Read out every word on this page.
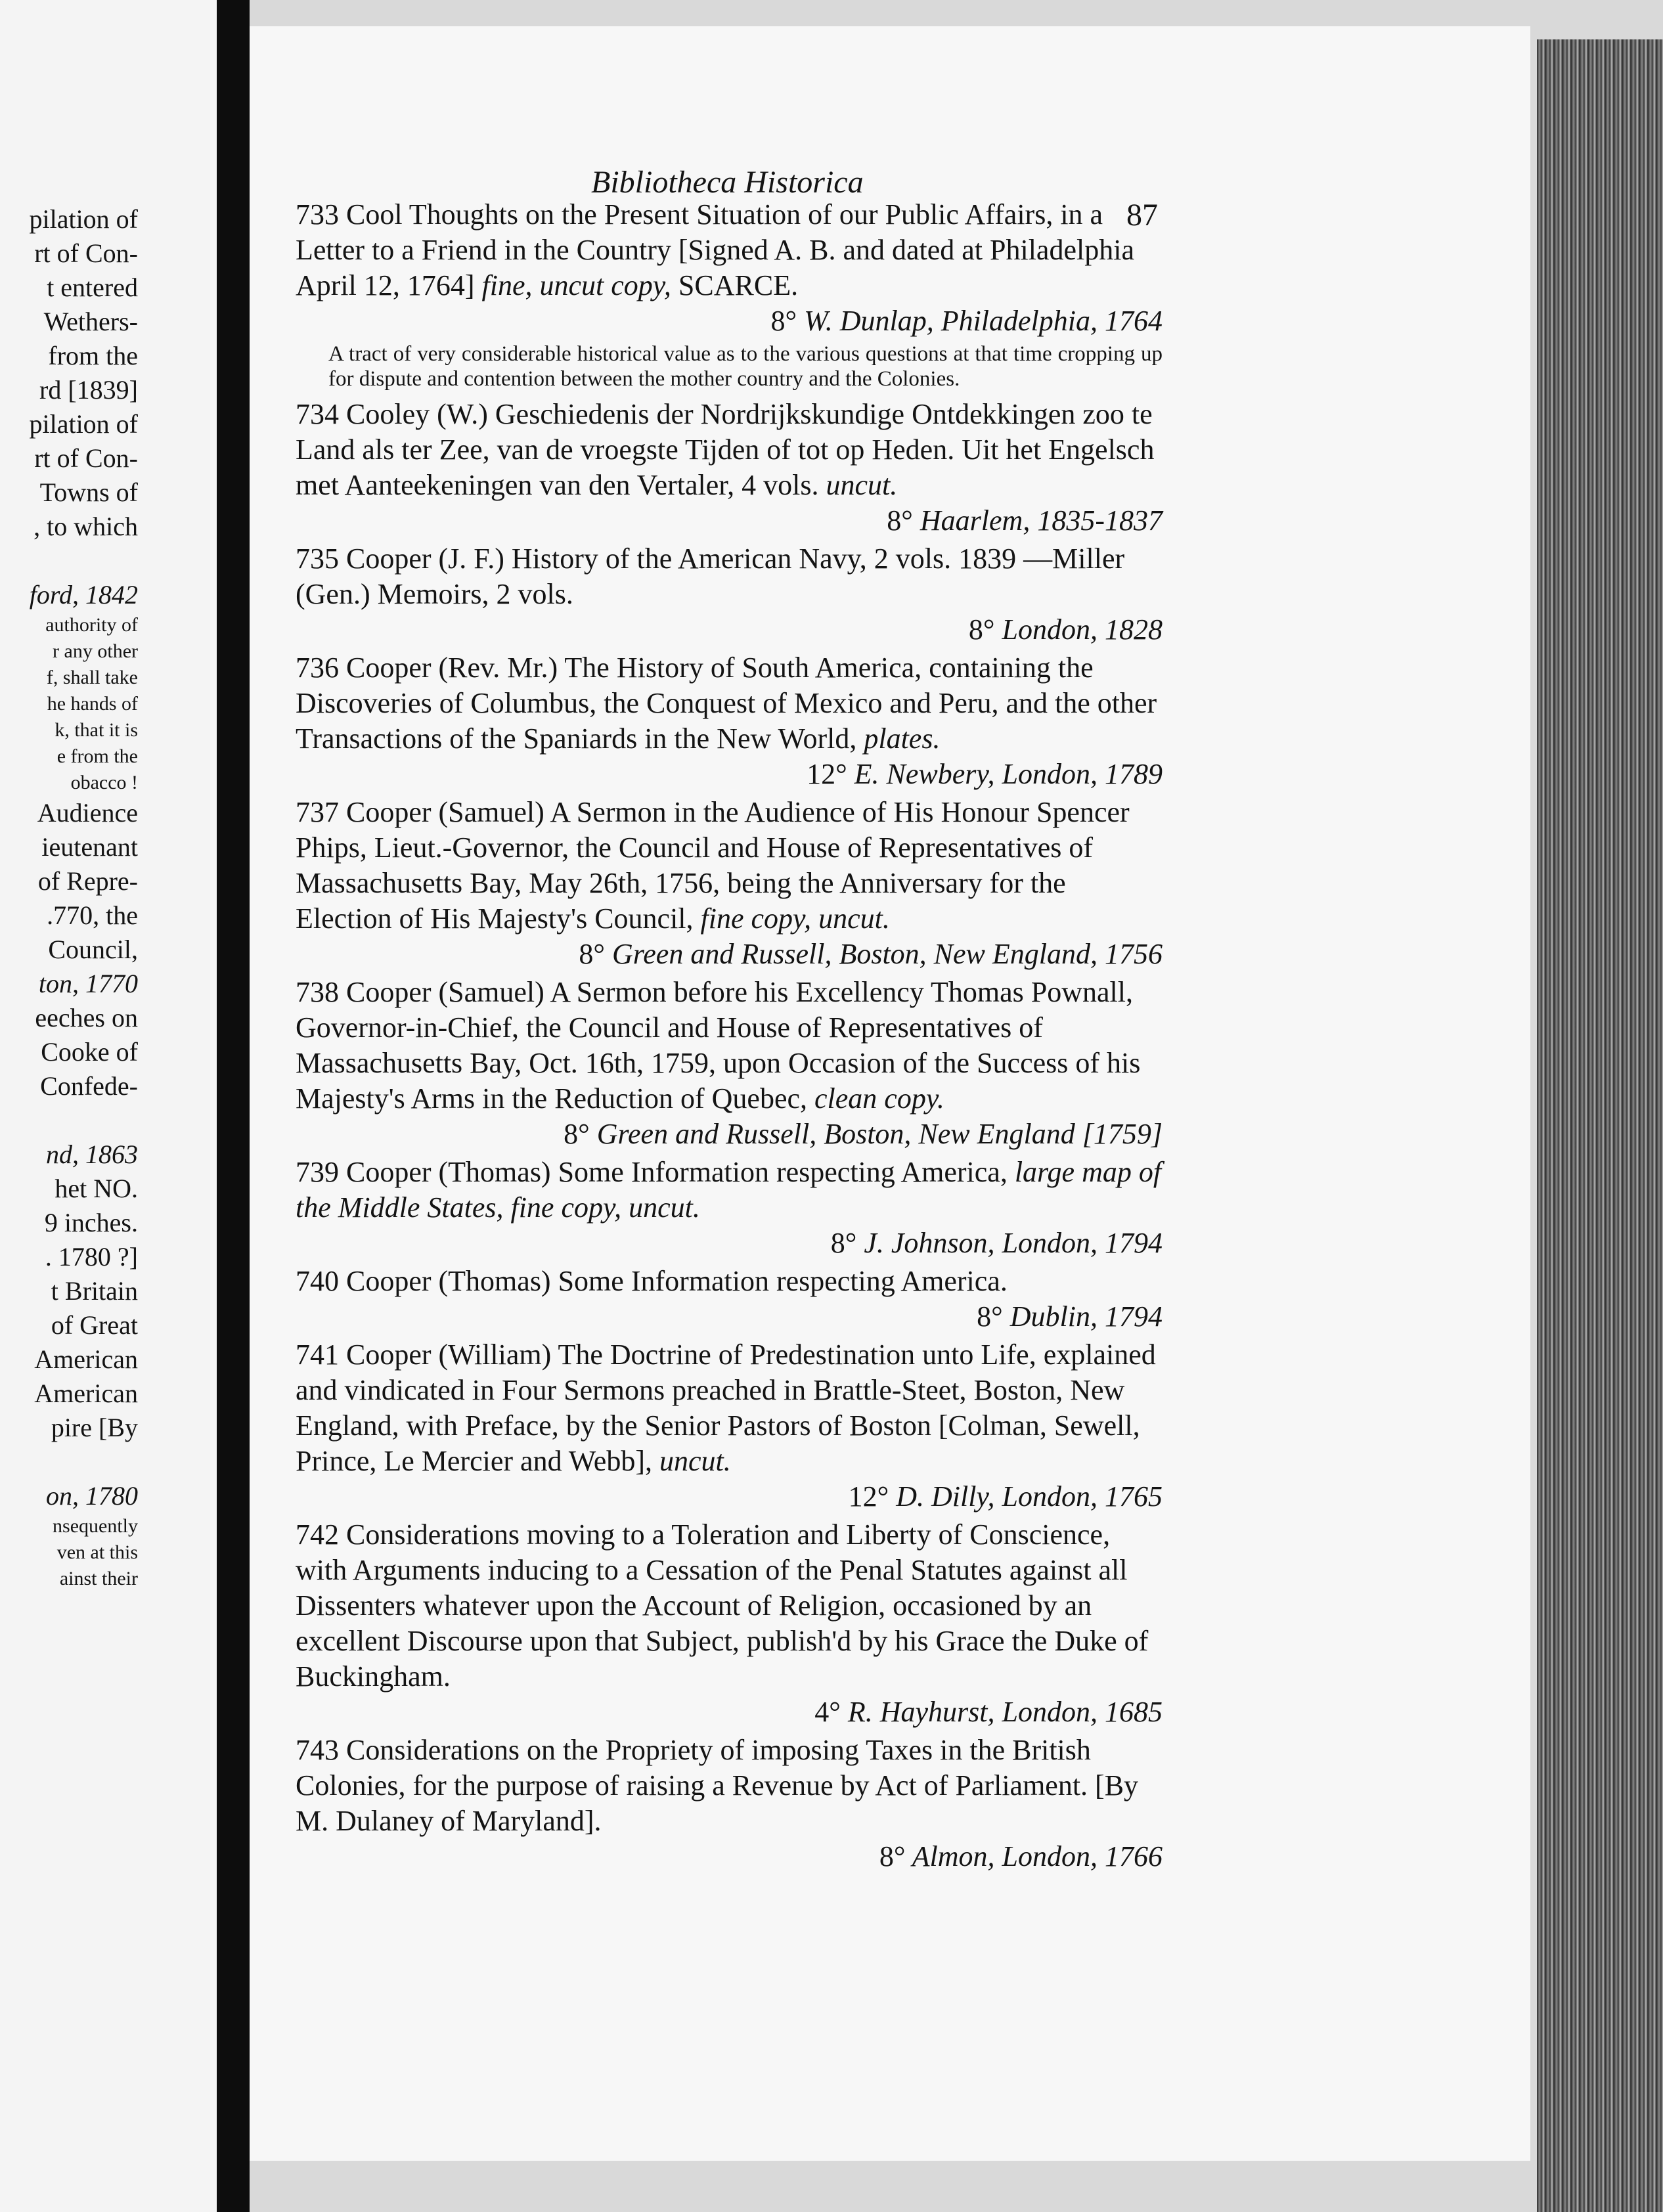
pilation of
rt of Con-
t entered
Wethers-
from the
rd [1839]
pilation of
rt of Con-
Towns of
, to which

ford, 1842
authority of
r any other
f, shall take
he hands of
k, that it is
e from the
obacco !
Audience
ieutenant
of Repre-
.770, the
Council,
ton, 1770
eeches on
Cooke of
Confede-

nd, 1863
het NO.
9 inches.
. 1780 ?]
t Britain
of Great
American
American
pire [By

on, 1780
nsequently
ven at this
ainst their
Bibliotheca Historica
87
733 Cool Thoughts on the Present Situation of our Public Affairs, in a Letter to a Friend in the Country [Signed A. B. and dated at Philadelphia April 12, 1764] fine, uncut copy, SCARCE.
8° W. Dunlap, Philadelphia, 1764
A tract of very considerable historical value as to the various questions at that time cropping up for dispute and contention between the mother country and the Colonies.
734 Cooley (W.) Geschiedenis der Nordrijkskundige Ontdekkingen zoo te Land als ter Zee, van de vroegste Tijden of tot op Heden. Uit het Engelsch met Aanteekeningen van den Vertaler, 4 vols. uncut.
8° Haarlem, 1835-1837
735 Cooper (J. F.) History of the American Navy, 2 vols. 1839 —Miller (Gen.) Memoirs, 2 vols.
8° London, 1828
736 Cooper (Rev. Mr.) The History of South America, containing the Discoveries of Columbus, the Conquest of Mexico and Peru, and the other Transactions of the Spaniards in the New World, plates.
12° E. Newbery, London, 1789
737 Cooper (Samuel) A Sermon in the Audience of His Honour Spencer Phips, Lieut.-Governor, the Council and House of Representatives of Massachusetts Bay, May 26th, 1756, being the Anniversary for the Election of His Majesty's Council, fine copy, uncut.
8° Green and Russell, Boston, New England, 1756
738 Cooper (Samuel) A Sermon before his Excellency Thomas Pownall, Governor-in-Chief, the Council and House of Representatives of Massachusetts Bay, Oct. 16th, 1759, upon Occasion of the Success of his Majesty's Arms in the Reduction of Quebec, clean copy.
8° Green and Russell, Boston, New England [1759]
739 Cooper (Thomas) Some Information respecting America, large map of the Middle States, fine copy, uncut.
8° J. Johnson, London, 1794
740 Cooper (Thomas) Some Information respecting America.
8° Dublin, 1794
741 Cooper (William) The Doctrine of Predestination unto Life, explained and vindicated in Four Sermons preached in Brattle-Steet, Boston, New England, with Preface, by the Senior Pastors of Boston [Colman, Sewell, Prince, Le Mercier and Webb], uncut.
12° D. Dilly, London, 1765
742 Considerations moving to a Toleration and Liberty of Conscience, with Arguments inducing to a Cessation of the Penal Statutes against all Dissenters whatever upon the Account of Religion, occasioned by an excellent Discourse upon that Subject, publish'd by his Grace the Duke of Buckingham.
4° R. Hayhurst, London, 1685
743 Considerations on the Propriety of imposing Taxes in the British Colonies, for the purpose of raising a Revenue by Act of Parliament. [By M. Dulaney of Maryland].
8° Almon, London, 1766
